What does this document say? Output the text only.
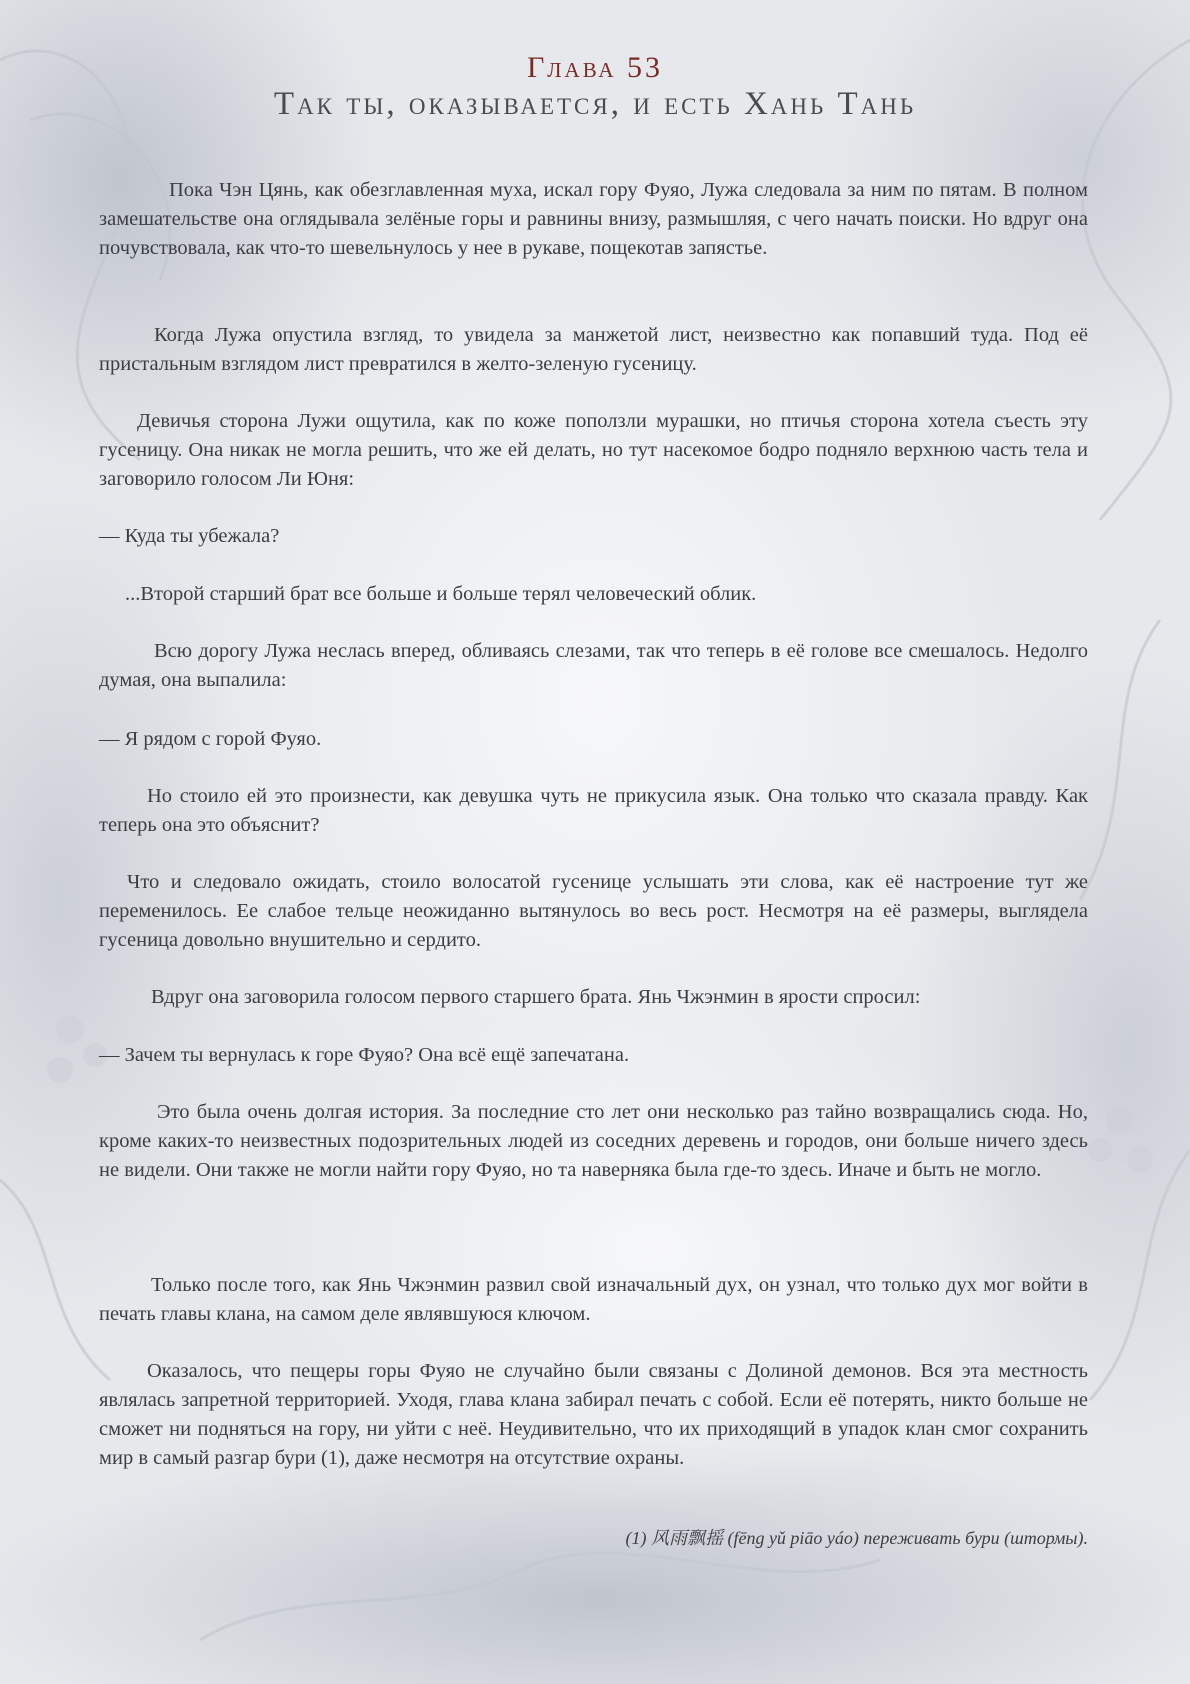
Глава 53
Так ты, оказывается, и есть Хань Тань

Пока Чэн Цянь, как обезглавленная муха, искал гору Фуяо, Лужа следовала за ним по пятам. В полном замешательстве она оглядывала зелёные горы и равнины внизу, размышляя, с чего начать поиски. Но вдруг она почувствовала, как что-то шевельнулось у нее в рукаве, пощекотав запястье.

Когда Лужа опустила взгляд, то увидела за манжетой лист, неизвестно как попавший туда. Под её пристальным взглядом лист превратился в желто-зеленую гусеницу.

Девичья сторона Лужи ощутила, как по коже поползли мурашки, но птичья сторона хотела съесть эту гусеницу. Она никак не могла решить, что же ей делать, но тут насекомое бодро подняло верхнюю часть тела и заговорило голосом Ли Юня:

— Куда ты убежала?

...Второй старший брат все больше и больше терял человеческий облик.

Всю дорогу Лужа неслась вперед, обливаясь слезами, так что теперь в её голове все смешалось. Недолго думая, она выпалила:

— Я рядом с горой Фуяо.

Но стоило ей это произнести, как девушка чуть не прикусила язык. Она только что сказала правду. Как теперь она это объяснит?

Что и следовало ожидать, стоило волосатой гусенице услышать эти слова, как её настроение тут же переменилось. Ее слабое тельце неожиданно вытянулось во весь рост. Несмотря на её размеры, выглядела гусеница довольно внушительно и сердито.

Вдруг она заговорила голосом первого старшего брата. Янь Чжэнмин в ярости спросил:

— Зачем ты вернулась к горе Фуяо? Она всё ещё запечатана.

Это была очень долгая история. За последние сто лет они несколько раз тайно возвращались сюда. Но, кроме каких-то неизвестных подозрительных людей из соседних деревень и городов, они больше ничего здесь не видели. Они также не могли найти гору Фуяо, но та наверняка была где-то здесь. Иначе и быть не могло.

Только после того, как Янь Чжэнмин развил свой изначальный дух, он узнал, что только дух мог войти в печать главы клана, на самом деле являвшуюся ключом.

Оказалось, что пещеры горы Фуяо не случайно были связаны с Долиной демонов. Вся эта местность являлась запретной территорией. Уходя, глава клана забирал печать с собой. Если её потерять, никто больше не сможет ни подняться на гору, ни уйти с неё. Неудивительно, что их приходящий в упадок клан смог сохранить мир в самый разгар бури (1), даже несмотря на отсутствие охраны.

(1) 风雨飘摇 (fēng yǔ piāo yáo) переживать бури (штормы).
